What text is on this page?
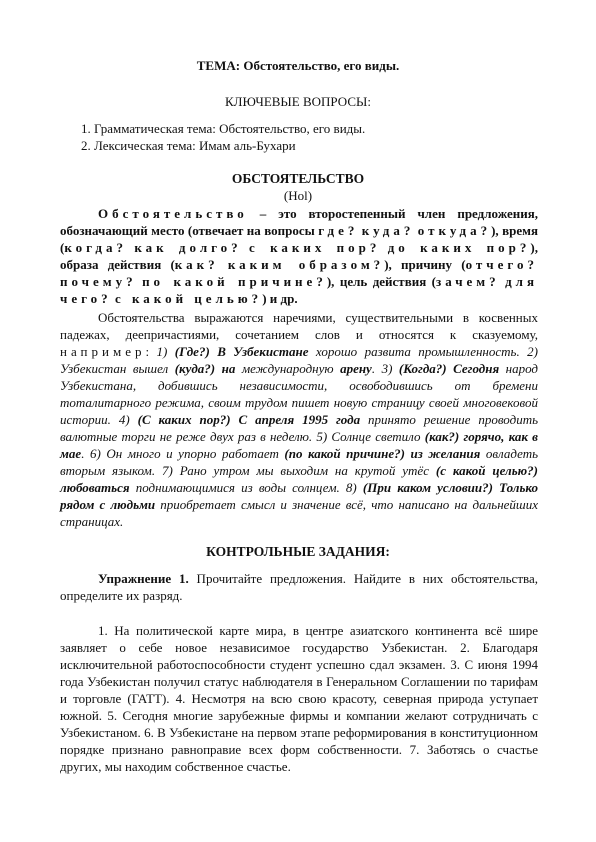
ТЕМА: Обстоятельство, его виды.
КЛЮЧЕВЫЕ ВОПРОСЫ:
1. Грамматическая тема: Обстоятельство, его виды.
2. Лексическая тема: Имам аль-Бухари
ОБСТОЯТЕЛЬСТВО
(Hol)

Обстоятельство – это второстепенный член предложения, обозначающий место (отвечает на вопросы где? куда? откуда?), время (когда? как долго? с каких пор? до каких пор?), образа действия (как? каким образом?), причину (отчего? почему? по какой причине?), цель действия (зачем? для чего? с какой целью?) и др.

Обстоятельства выражаются наречиями, существительными в косвенных падежах, деепричастиями, сочетанием слов и относятся к сказуемому, например: 1) (Где?) В Узбекистане хорошо развита промышленность. 2) Узбекистан вышел (куда?) на международную арену. 3) (Когда?) Сегодня народ Узбекистана, добившись независимости, освободившись от бремени тоталитарного режима, своим трудом пишет новую страницу своей многовековой истории. 4) (С каких пор?) С апреля 1995 года принято решение проводить валютные торги не реже двух раз в неделю. 5) Солнце светило (как?) горячо, как в мае. 6) Он много и упорно работает (по какой причине?) из желания овладеть вторым языком. 7) Рано утром мы выходим на крутой утёс (с какой целью?) любоваться поднимающимися из воды солнцем. 8) (При каком условии?) Только рядом с людьми приобретает смысл и значение всё, что написано на дальнейших страницах.

КОНТРОЛЬНЫЕ ЗАДАНИЯ:

Упражнение 1. Прочитайте предложения. Найдите в них обстоятельства, определите их разряд.

1. На политической карте мира, в центре азиатского континента всё шире заявляет о себе новое независимое государство Узбекистан. 2. Благодаря исключительной работоспособности студент успешно сдал экзамен. 3. С июня 1994 года Узбекистан получил статус наблюдателя в Генеральном Соглашении по тарифам и торговле (ГАТТ). 4. Несмотря на всю свою красоту, северная природа уступает южной. 5. Сегодня многие зарубежные фирмы и компании желают сотрудничать с Узбекистаном. 6. В Узбекистане на первом этапе реформирования в конституционном порядке признано равноправие всех форм собственности. 7. Заботясь о счастье других, мы находим собственное счастье.
